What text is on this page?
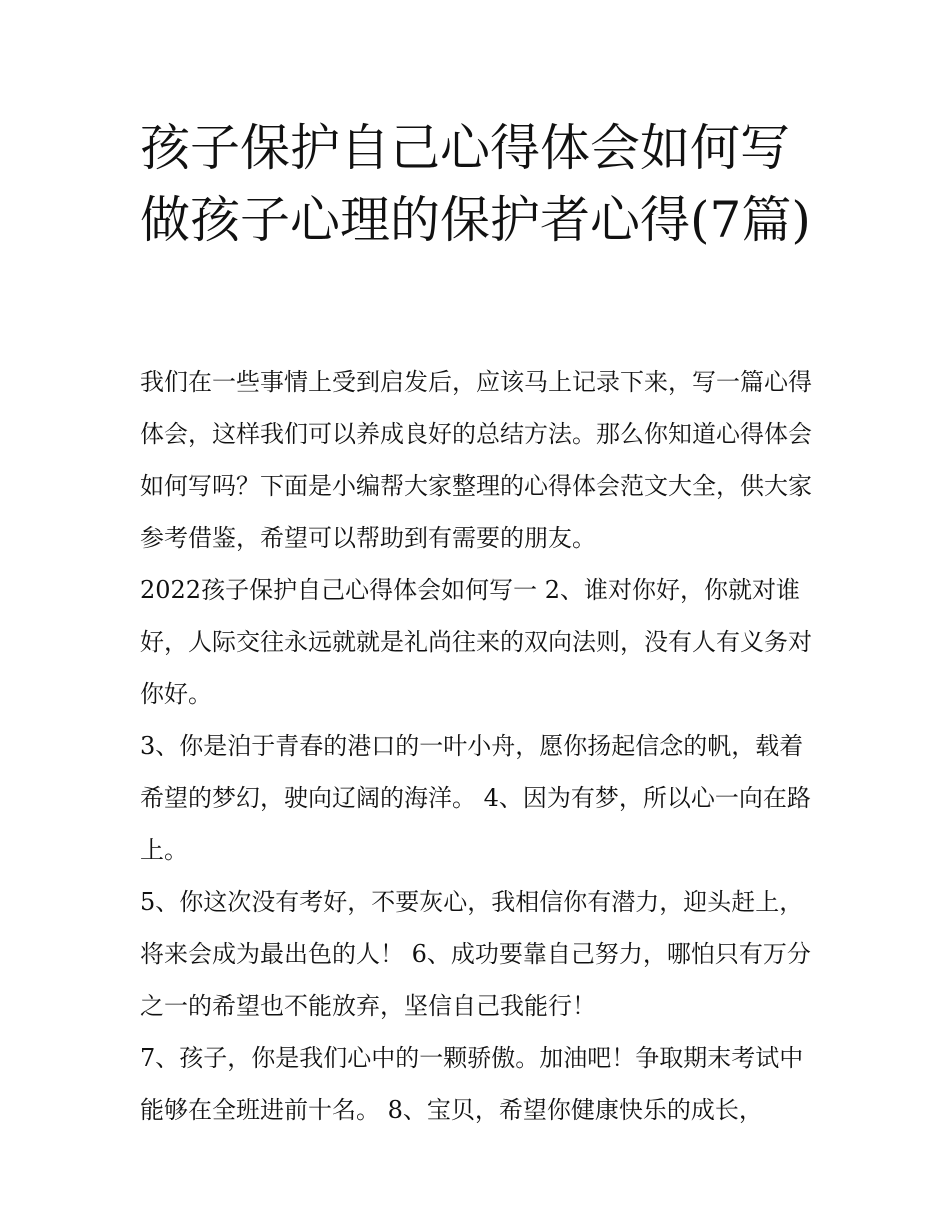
孩子保护自己心得体会如何写做孩子心理的保护者心得(7篇)

我们在一些事情上受到启发后，应该马上记录下来，写一篇心得体会，这样我们可以养成良好的总结方法。那么你知道心得体会如何写吗？下面是小编帮大家整理的心得体会范文大全，供大家参考借鉴，希望可以帮助到有需要的朋友。

2022孩子保护自己心得体会如何写一 2、谁对你好，你就对谁好，人际交往永远就就是礼尚往来的双向法则，没有人有义务对你好。

3、你是泊于青春的港口的一叶小舟，愿你扬起信念的帆，载着希望的梦幻，驶向辽阔的海洋。 4、因为有梦，所以心一向在路上。

5、你这次没有考好，不要灰心，我相信你有潜力，迎头赶上，将来会成为最出色的人！ 6、成功要靠自己努力，哪怕只有万分之一的希望也不能放弃，坚信自己我能行！

7、孩子，你是我们心中的一颗骄傲。加油吧！争取期末考试中能够在全班进前十名。 8、宝贝，希望你健康快乐的成长，
